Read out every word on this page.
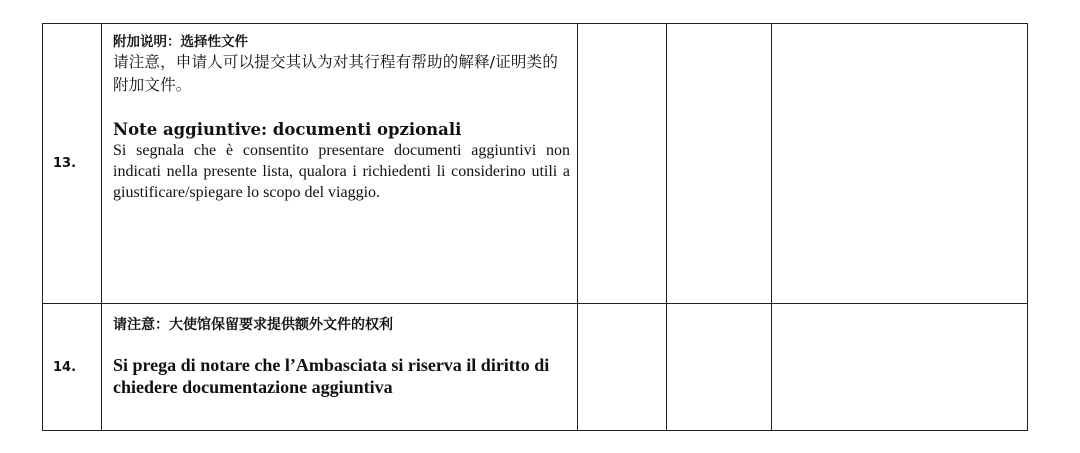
13.	附加说明：选择性文件
请注意，申请人可以提交其认为对其行程有帮助的解释/证明类的附加文件。
Note aggiuntive: documenti opzionali
Si segnala che è consentito presentare documenti aggiuntivi non indicati nella presente lista, qualora i richiedenti li considerino utili a giustificare/spiegare lo scopo del viaggio.			

14.	请注意：大使馆保留要求提供额外文件的权利
Si prega di notare che l’Ambasciata si riserva il diritto di chiedere documentazione aggiuntiva			
